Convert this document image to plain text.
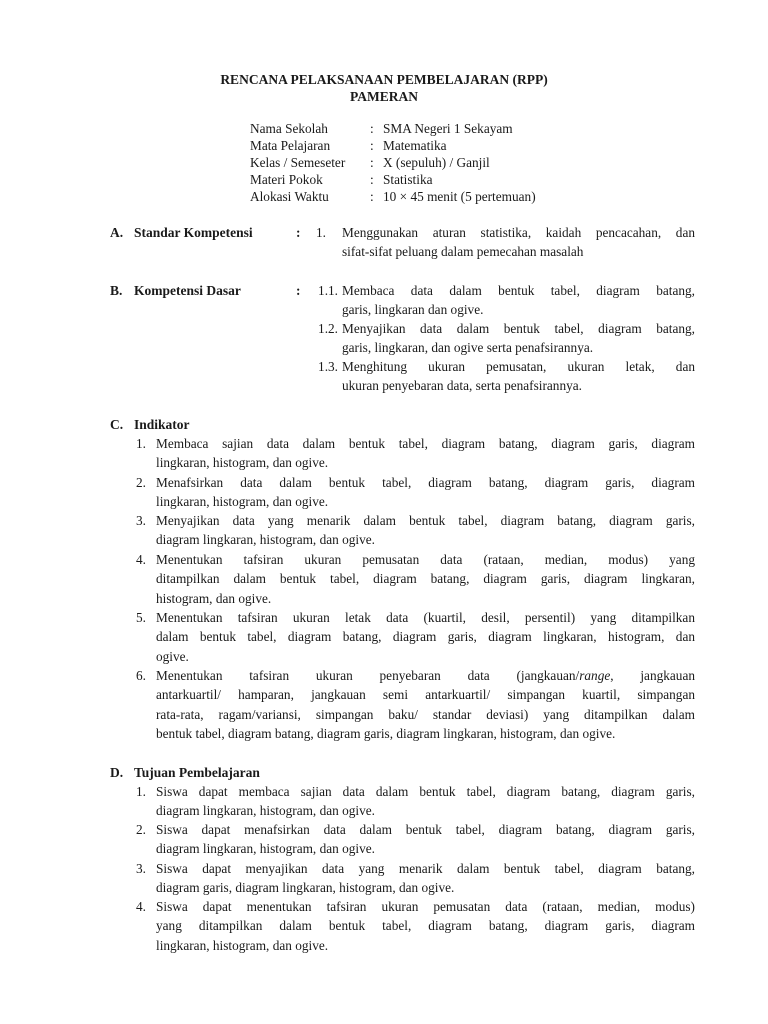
RENCANA PELAKSANAAN PEMBELAJARAN (RPP)
PAMERAN
Nama Sekolah	: SMA Negeri 1 Sekayam
Mata Pelajaran	: Matematika
Kelas / Semeseter : X (sepuluh) / Ganjil
Materi Pokok	: Statistika
Alokasi Waktu	: 10 × 45 menit (5 pertemuan)
A. Standar Kompetensi	:	1. Menggunakan aturan statistika, kaidah pencacahan, dan
sifat-sifat peluang dalam pemecahan masalah
B. Kompetensi Dasar	:	1.1. Membaca data dalam bentuk tabel, diagram batang,
garis, lingkaran dan ogive.
1.2. Menyajikan data dalam bentuk tabel, diagram batang,
garis, lingkaran, dan ogive serta penafsirannya.
1.3. Menghitung ukuran pemusatan, ukuran letak, dan
ukuran penyebaran data, serta penafsirannya.
C. Indikator
1. Membaca sajian data dalam bentuk tabel, diagram batang, diagram garis, diagram
lingkaran, histogram, dan ogive.
2. Menafsirkan data dalam bentuk tabel, diagram batang, diagram garis, diagram
lingkaran, histogram, dan ogive.
3. Menyajikan data yang menarik dalam bentuk tabel, diagram batang, diagram garis,
diagram lingkaran, histogram, dan ogive.
4. Menentukan tafsiran ukuran pemusatan data (rataan, median, modus) yang
ditampilkan dalam bentuk tabel, diagram batang, diagram garis, diagram lingkaran,
histogram, dan ogive.
5. Menentukan tafsiran ukuran letak data (kuartil, desil, persentil) yang ditampilkan
dalam bentuk tabel, diagram batang, diagram garis, diagram lingkaran, histogram, dan
ogive.
6. Menentukan tafsiran ukuran penyebaran data (jangkauan/range, jangkauan
antarkuartil/ hamparan, jangkauan semi antarkuartil/ simpangan kuartil, simpangan
rata-rata, ragam/variansi, simpangan baku/ standar deviasi) yang ditampilkan dalam
bentuk tabel, diagram batang, diagram garis, diagram lingkaran, histogram, dan ogive.
D. Tujuan Pembelajaran
1. Siswa dapat membaca sajian data dalam bentuk tabel, diagram batang, diagram garis,
diagram lingkaran, histogram, dan ogive.
2. Siswa dapat menafsirkan data dalam bentuk tabel, diagram batang, diagram garis,
diagram lingkaran, histogram, dan ogive.
3. Siswa dapat menyajikan data yang menarik dalam bentuk tabel, diagram batang,
diagram garis, diagram lingkaran, histogram, dan ogive.
4. Siswa dapat menentukan tafsiran ukuran pemusatan data (rataan, median, modus)
yang ditampilkan dalam bentuk tabel, diagram batang, diagram garis, diagram
lingkaran, histogram, dan ogive.
